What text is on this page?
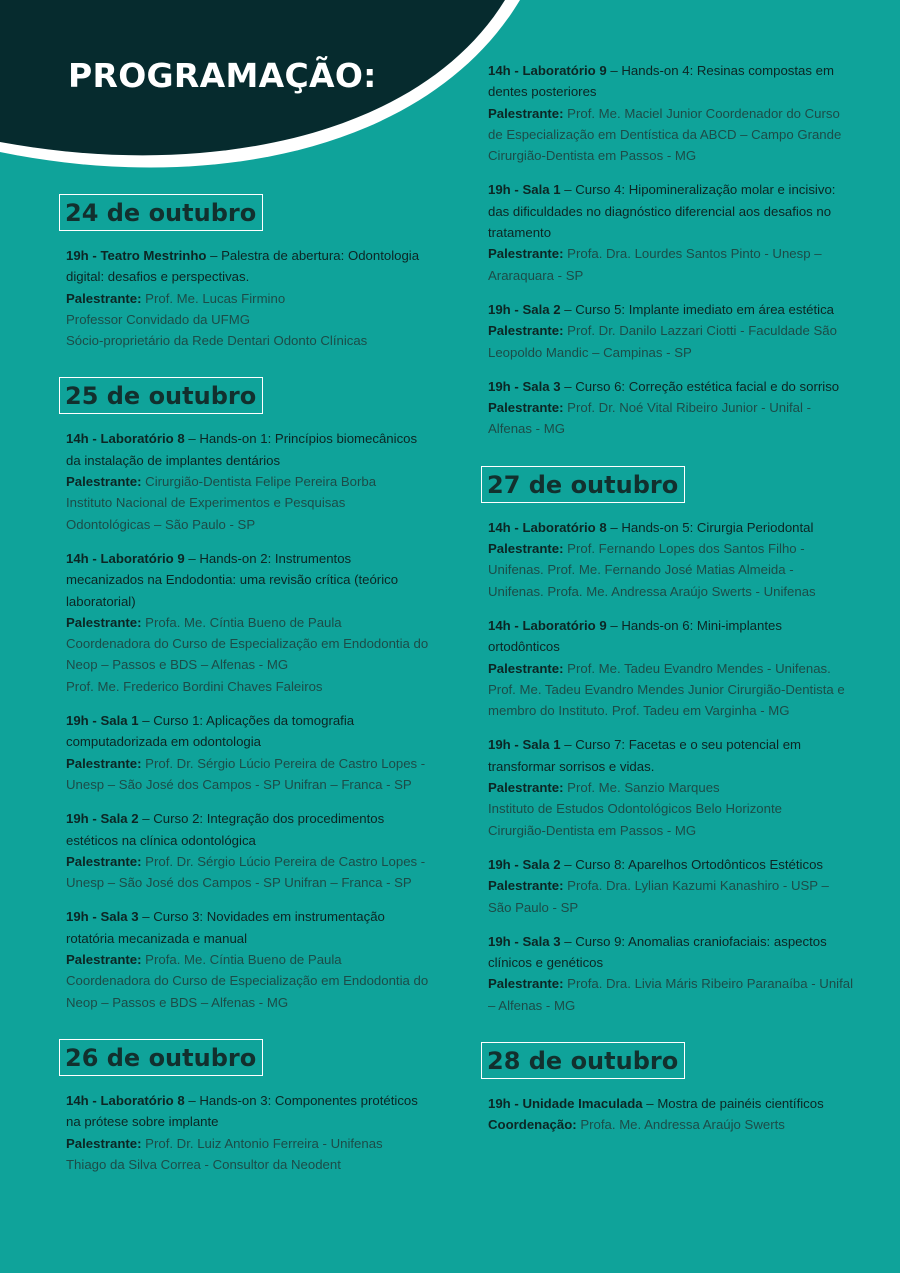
PROGRAMAÇÃO:
24 de outubro

19h - Teatro Mestrinho – Palestra de abertura: Odontologia digital: desafios e perspectivas.

Palestrante: Prof. Me. Lucas Firmino

Professor Convidado da UFMG

Sócio-proprietário da Rede Dentari Odonto Clínicas

25 de outubro

14h - Laboratório 8 – Hands-on 1: Princípios biomecânicos da instalação de implantes dentários

Palestrante: Cirurgião-Dentista Felipe Pereira Borba

Instituto Nacional de Experimentos e Pesquisas Odontológicas – São Paulo - SP

14h - Laboratório 9 – Hands-on 2: Instrumentos mecanizados na Endodontia: uma revisão crítica (teórico laboratorial)

Palestrante: Profa. Me. Cíntia Bueno de Paula

Coordenadora do Curso de Especialização em Endodontia do Neop – Passos e BDS – Alfenas - MG

Prof. Me. Frederico Bordini Chaves Faleiros

19h - Sala 1 – Curso 1: Aplicações da tomografia computadorizada em odontologia

Palestrante: Prof. Dr. Sérgio Lúcio Pereira de Castro Lopes - Unesp – São José dos Campos - SP Unifran – Franca - SP

19h - Sala 2 – Curso 2: Integração dos procedimentos estéticos na clínica odontológica

Palestrante: Prof. Dr. Sérgio Lúcio Pereira de Castro Lopes - Unesp – São José dos Campos - SP Unifran – Franca - SP

19h - Sala 3 – Curso 3: Novidades em instrumentação rotatória mecanizada e manual

Palestrante: Profa. Me. Cíntia Bueno de Paula

Coordenadora do Curso de Especialização em Endodontia do Neop – Passos e BDS – Alfenas - MG

26 de outubro

14h - Laboratório 8 – Hands-on 3: Componentes protéticos na prótese sobre implante

Palestrante: Prof. Dr. Luiz Antonio Ferreira - Unifenas

Thiago da Silva Correa - Consultor da Neodent

14h - Laboratório 9 – Hands-on 4: Resinas compostas em dentes posteriores

Palestrante: Prof. Me. Maciel Junior Coordenador do Curso de Especialização em Dentística da ABCD – Campo Grande Cirurgião-Dentista em Passos - MG

19h - Sala 1 – Curso 4: Hipomineralização molar e incisivo: das dificuldades no diagnóstico diferencial aos desafios no tratamento

Palestrante: Profa. Dra. Lourdes Santos Pinto - Unesp – Araraquara - SP

19h - Sala 2 – Curso 5: Implante imediato em área estética

Palestrante: Prof. Dr. Danilo Lazzari Ciotti - Faculdade São Leopoldo Mandic – Campinas - SP

19h - Sala 3 – Curso 6: Correção estética facial e do sorriso

Palestrante: Prof. Dr. Noé Vital Ribeiro Junior - Unifal - Alfenas - MG

27 de outubro

14h - Laboratório 8 – Hands-on 5: Cirurgia Periodontal

Palestrante: Prof. Fernando Lopes dos Santos Filho - Unifenas. Prof. Me. Fernando José Matias Almeida - Unifenas. Profa. Me. Andressa Araújo Swerts - Unifenas

14h - Laboratório 9 – Hands-on 6: Mini-implantes ortodônticos

Palestrante: Prof. Me. Tadeu Evandro Mendes - Unifenas. Prof. Me. Tadeu Evandro Mendes Junior Cirurgião-Dentista e membro do Instituto. Prof. Tadeu em Varginha - MG

19h - Sala 1 – Curso 7: Facetas e o seu potencial em transformar sorrisos e vidas.

Palestrante: Prof. Me. Sanzio Marques

Instituto de Estudos Odontológicos Belo Horizonte

Cirurgião-Dentista em Passos - MG

19h - Sala 2 – Curso 8: Aparelhos Ortodônticos Estéticos

Palestrante: Profa. Dra. Lylian Kazumi Kanashiro - USP – São Paulo - SP

19h - Sala 3 – Curso 9: Anomalias craniofaciais: aspectos clínicos e genéticos

Palestrante: Profa. Dra. Livia Máris Ribeiro Paranaíba - Unifal – Alfenas - MG

28 de outubro

19h - Unidade Imaculada – Mostra de painéis científicos

Coordenação: Profa. Me. Andressa Araújo Swerts
